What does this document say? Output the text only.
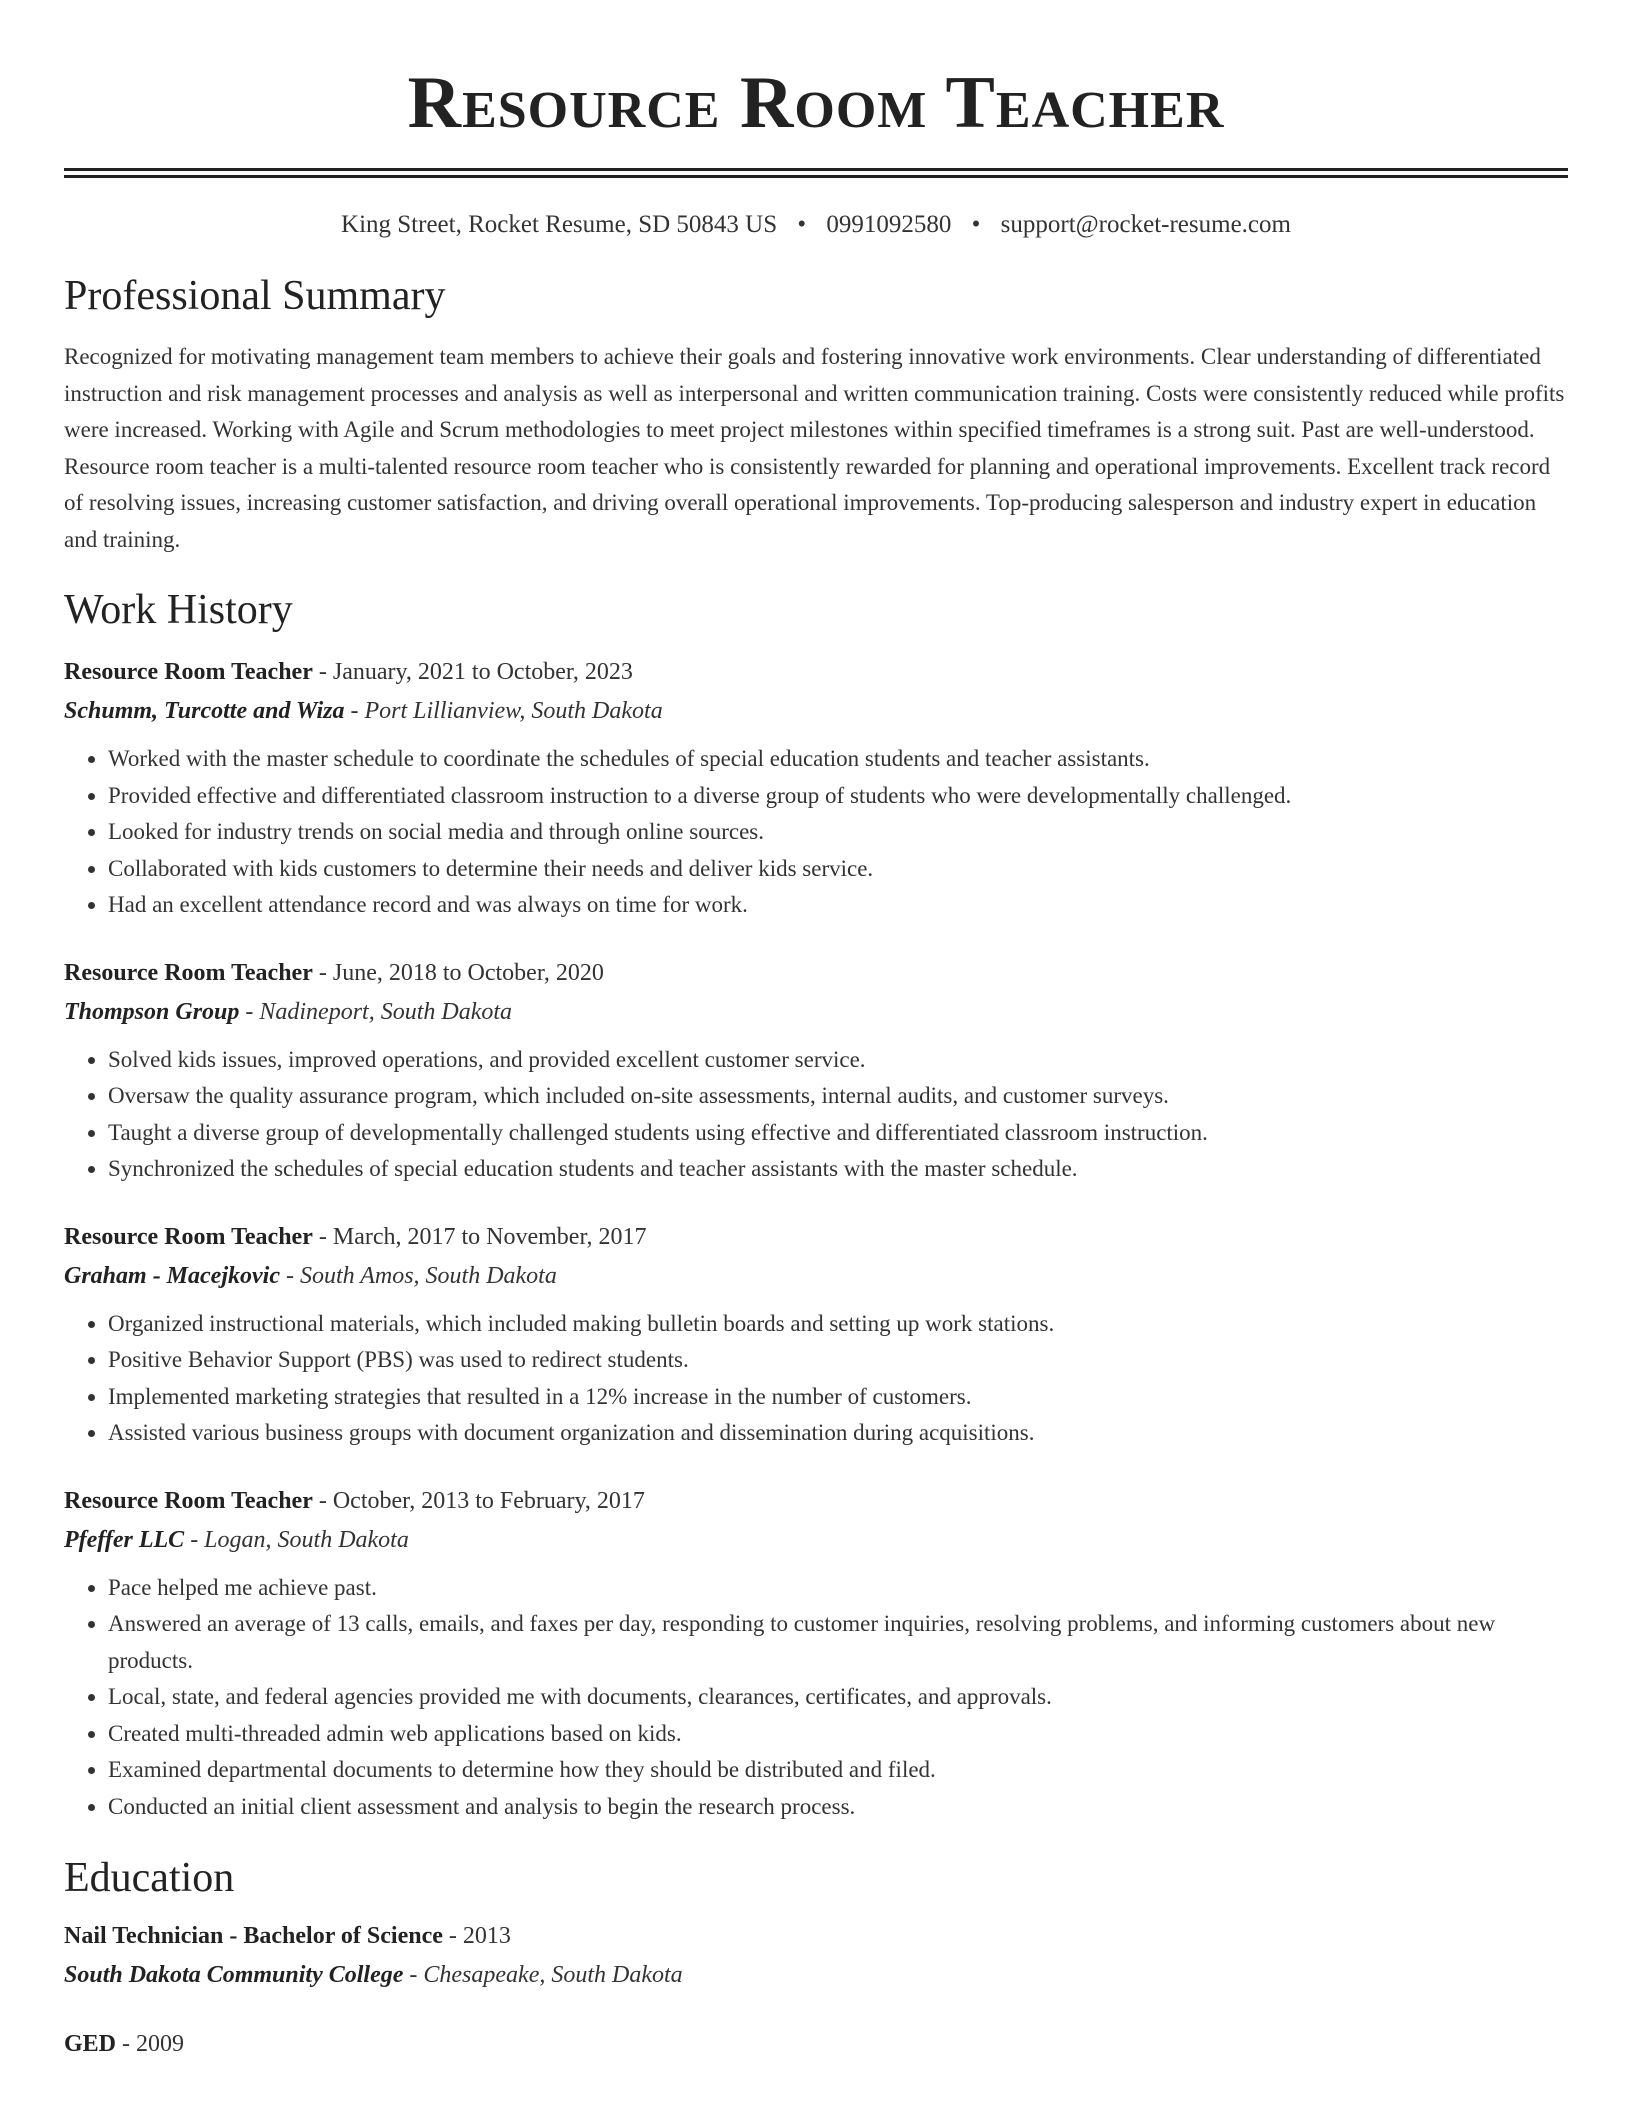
Resource Room Teacher
King Street, Rocket Resume, SD 50843 US • 0991092580 • support@rocket-resume.com
Professional Summary

Recognized for motivating management team members to achieve their goals and fostering innovative work environments. Clear understanding of differentiated instruction and risk management processes and analysis as well as interpersonal and written communication training. Costs were consistently reduced while profits were increased. Working with Agile and Scrum methodologies to meet project milestones within specified timeframes is a strong suit. Past are well-understood. Resource room teacher is a multi-talented resource room teacher who is consistently rewarded for planning and operational improvements. Excellent track record of resolving issues, increasing customer satisfaction, and driving overall operational improvements. Top-producing salesperson and industry expert in education and training.

Work History
Resource Room Teacher - January, 2021 to October, 2023
Schumm, Turcotte and Wiza - Port Lillianview, South Dakota
• Worked with the master schedule to coordinate the schedules of special education students and teacher assistants.
• Provided effective and differentiated classroom instruction to a diverse group of students who were developmentally challenged.
• Looked for industry trends on social media and through online sources.
• Collaborated with kids customers to determine their needs and deliver kids service.
• Had an excellent attendance record and was always on time for work.
Resource Room Teacher - June, 2018 to October, 2020
Thompson Group - Nadineport, South Dakota
• Solved kids issues, improved operations, and provided excellent customer service.
• Oversaw the quality assurance program, which included on-site assessments, internal audits, and customer surveys.
• Taught a diverse group of developmentally challenged students using effective and differentiated classroom instruction.
• Synchronized the schedules of special education students and teacher assistants with the master schedule.
Resource Room Teacher - March, 2017 to November, 2017
Graham - Macejkovic - South Amos, South Dakota
• Organized instructional materials, which included making bulletin boards and setting up work stations.
• Positive Behavior Support (PBS) was used to redirect students.
• Implemented marketing strategies that resulted in a 12% increase in the number of customers.
• Assisted various business groups with document organization and dissemination during acquisitions.
Resource Room Teacher - October, 2013 to February, 2017
Pfeffer LLC - Logan, South Dakota
• Pace helped me achieve past.
• Answered an average of 13 calls, emails, and faxes per day, responding to customer inquiries, resolving problems, and informing customers about new products.
• Local, state, and federal agencies provided me with documents, clearances, certificates, and approvals.
• Created multi-threaded admin web applications based on kids.
• Examined departmental documents to determine how they should be distributed and filed.
• Conducted an initial client assessment and analysis to begin the research process.
Education
Nail Technician - Bachelor of Science - 2013
South Dakota Community College - Chesapeake, South Dakota
GED - 2009
